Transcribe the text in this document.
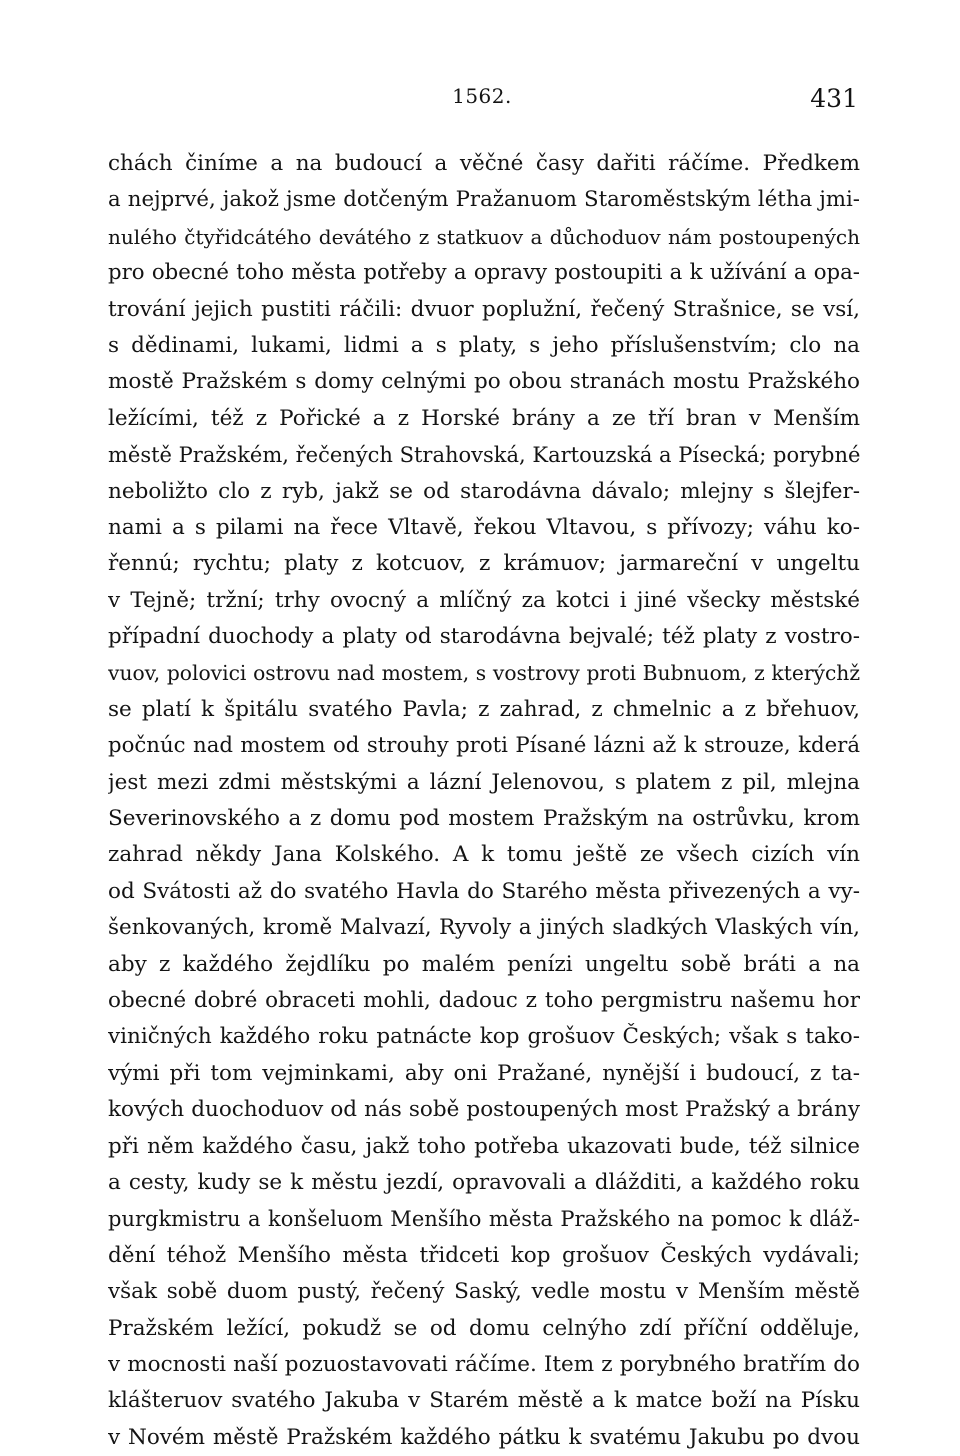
1562.	431
chách činíme a na budoucí a věčné časy dařiti ráčíme. Předkem
a nejprvé, jakož jsme dotčeným Pražanuom Staroměstským létha jmi-
nulého čtyřidcátého devátého z statkuov a důchoduov nám postoupených
pro obecné toho města potřeby a opravy postoupiti a k užívání a opa-
trování jejich pustiti ráčili: dvuor poplužní, řečený Strašnice, se vsí,
s dědinami, lukami, lidmi a s platy, s jeho příslušenstvím; clo na
mostě Pražském s domy celnými po obou stranách mostu Pražského
ležícími, též z Pořické a z Horské brány a ze tří bran v Menším
městě Pražském, řečených Strahovská, Kartouzská a Písecká; porybné
neboližto clo z ryb, jakž se od starodávna dávalo; mlejny s šlejfer-
nami a s pilami na řece Vltavě, řekou Vltavou, s přívozy; váhu ko-
řennú; rychtu; platy z kotcuov, z krámuov; jarmareční v ungeltu
v Tejně; tržní; trhy ovocný a mlíčný za kotci i jiné všecky městské
případní duochody a platy od starodávna bejvalé; též platy z vostro-
vuov, polovici ostrovu nad mostem, s vostrovy proti Bubnuom, z kterýchž
se platí k špitálu svatého Pavla; z zahrad, z chmelnic a z břehuov,
počnúc nad mostem od strouhy proti Písané lázni až k strouze, kderá
jest mezi zdmi městskými a lázní Jelenovou, s platem z pil, mlejna
Severinovského a z domu pod mostem Pražským na ostrůvku, krom
zahrad někdy Jana Kolského. A k tomu ještě ze všech cizích vín
od Svátosti až do svatého Havla do Starého města přivezených a vy-
šenkovaných, kromě Malvazí, Ryvoly a jiných sladkých Vlaských vín,
aby z každého žejdlíku po malém penízi ungeltu sobě bráti a na
obecné dobré obraceti mohli, dadouc z toho pergmistru našemu hor
viničných každého roku patnácte kop grošuov Českých; však s tako-
vými při tom vejminkami, aby oni Pražané, nynější i budoucí, z ta-
kových duochoduov od nás sobě postoupených most Pražský a brány
při něm každého času, jakž toho potřeba ukazovati bude, též silnice
a cesty, kudy se k městu jezdí, opravovali a dlážditi, a každého roku
purgkmistru a konšeluom Menšího města Pražského na pomoc k dláž-
dění téhož Menšího města třidceti kop grošuov Českých vydávali;
však sobě duom pustý, řečený Saský, vedle mostu v Menším městě
Pražském ležící, pokudž se od domu celnýho zdí příční odděluje,
v mocnosti naší pozuostavovati ráčíme. Item z porybného bratřím do
klášteruov svatého Jakuba v Starém městě a k matce boží na Písku
v Novém městě Pražském každého pátku k svatému Jakubu po dvou
